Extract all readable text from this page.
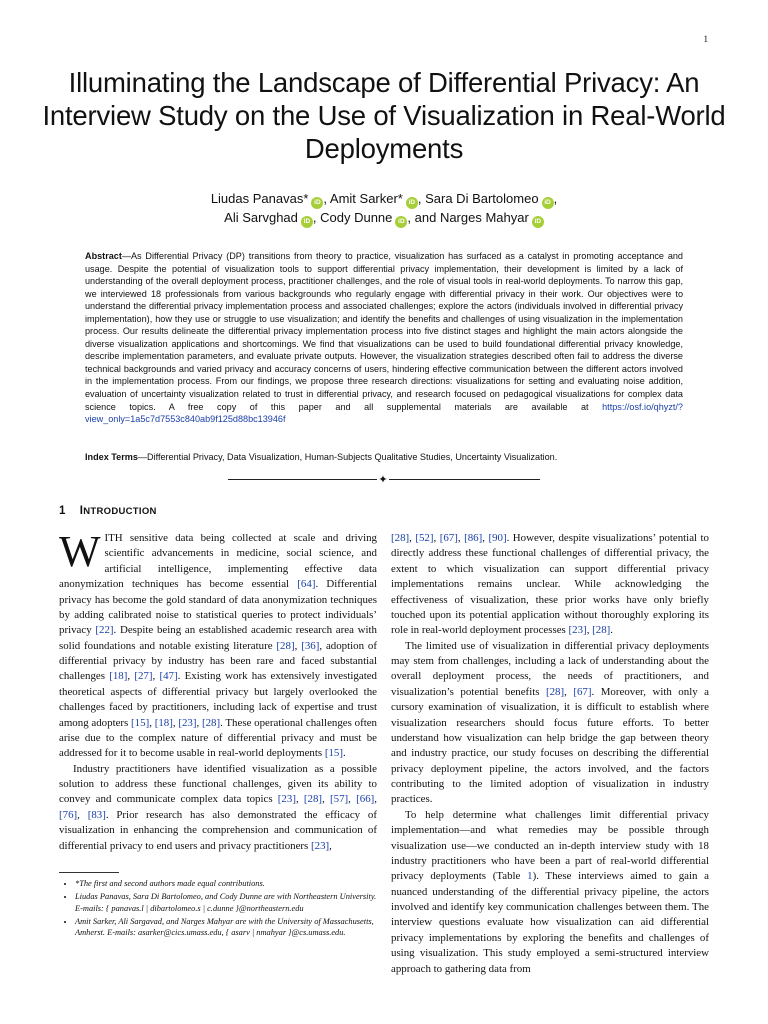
1
Illuminating the Landscape of Differential Privacy: An Interview Study on the Use of Visualization in Real-World Deployments
Liudas Panavas* iD , Amit Sarker* iD , Sara Di Bartolomeo iD ,
Ali Sarvghad iD , Cody Dunne iD , and Narges Mahyar iD
Abstract—As Differential Privacy (DP) transitions from theory to practice, visualization has surfaced as a catalyst in promoting acceptance and usage. Despite the potential of visualization tools to support differential privacy implementation, their development is limited by a lack of understanding of the overall deployment process, practitioner challenges, and the role of visual tools in real-world deployments. To narrow this gap, we interviewed 18 professionals from various backgrounds who regularly engage with differential privacy in their work. Our objectives were to understand the differential privacy implementation process and associated challenges; explore the actors (individuals involved in differential privacy implementation), how they use or struggle to use visualization; and identify the benefits and challenges of using visualization in the implementation process. Our results delineate the differential privacy implementation process into five distinct stages and highlight the main actors alongside the diverse visualization applications and shortcomings. We find that visualizations can be used to build foundational differential privacy knowledge, describe implementation parameters, and evaluate private outputs. However, the visualization strategies described often fail to address the diverse technical backgrounds and varied privacy and accuracy concerns of users, hindering effective communication between the different actors involved in the implementation process. From our findings, we propose three research directions: visualizations for setting and evaluating noise addition, evaluation of uncertainty visualization related to trust in differential privacy, and research focused on pedagogical visualizations for complex data science topics. A free copy of this paper and all supplemental materials are available at https://osf.io/qhyzt/?view_only=1a5c7d7553c840ab9f125d88bc13946f
Index Terms—Differential Privacy, Data Visualization, Human-Subjects Qualitative Studies, Uncertainty Visualization.
✦
1 INTRODUCTION

WITH sensitive data being collected at scale and driving scientific advancements in medicine, social science, and artificial intelligence, implementing effective data anonymization techniques has become essential [64]. Differential privacy has become the gold standard of data anonymization techniques by adding calibrated noise to statistical queries to protect individuals’ privacy [22]. Despite being an established academic research area with solid foundations and notable existing literature [28], [36], adoption of differential privacy by industry has been rare and faced substantial challenges [18], [27], [47]. Existing work has extensively investigated theoretical aspects of differential privacy but largely overlooked the challenges faced by practitioners, including lack of expertise and trust among adopters [15], [18], [23], [28]. These operational challenges often arise due to the complex nature of differential privacy and must be addressed for it to become usable in real-world deployments [15].

Industry practitioners have identified visualization as a possible solution to address these functional challenges, given its ability to convey and communicate complex data topics [23], [28], [57], [66], [76], [83]. Prior research has also demonstrated the efficacy of visualization in enhancing the comprehension and communication of differential privacy to end users and privacy practitioners [23],

[28], [52], [67], [86], [90]. However, despite visualizations’ potential to directly address these functional challenges of differential privacy, the extent to which visualization can support differential privacy implementations remains unclear. While acknowledging the effectiveness of visualization, these prior works have only briefly touched upon its potential application without thoroughly exploring its role in real-world deployment processes [23], [28].

The limited use of visualization in differential privacy deployments may stem from challenges, including a lack of understanding about the overall deployment process, the needs of practitioners, and visualization’s potential benefits [28], [67]. Moreover, with only a cursory examination of visualization, it is difficult to establish where visualization researchers should focus future efforts. To better understand how visualization can help bridge the gap between theory and industry practice, our study focuses on describing the differential privacy deployment pipeline, the actors involved, and the factors contributing to the limited adoption of visualization in industry practices.

To help determine what challenges limit differential privacy implementation—and what remedies may be possible through visualization use—we conducted an in-depth interview study with 18 industry practitioners who have been a part of real-world differential privacy deployments (Table 1). These interviews aimed to gain a nuanced understanding of the differential privacy pipeline, the actors involved and identify key communication challenges between them. The interview questions evaluate how visualization can aid differential privacy implementations by exploring the benefits and challenges of using visualization. This study employed a semi-structured interview approach to gathering data from

• *The first and second authors made equal contributions.
• Liudas Panavas, Sara Di Bartolomeo, and Cody Dunne are with Northeastern University. E-mails: { panavas.l | dibartolomeo.s | c.dunne }@northeastern.edu
• Amit Sarker, Ali Sargavad, and Narges Mahyar are with the University of Massachusetts, Amherst. E-mails: asarker@cics.umass.edu, { asarv | nmahyar }@cs.umass.edu.
